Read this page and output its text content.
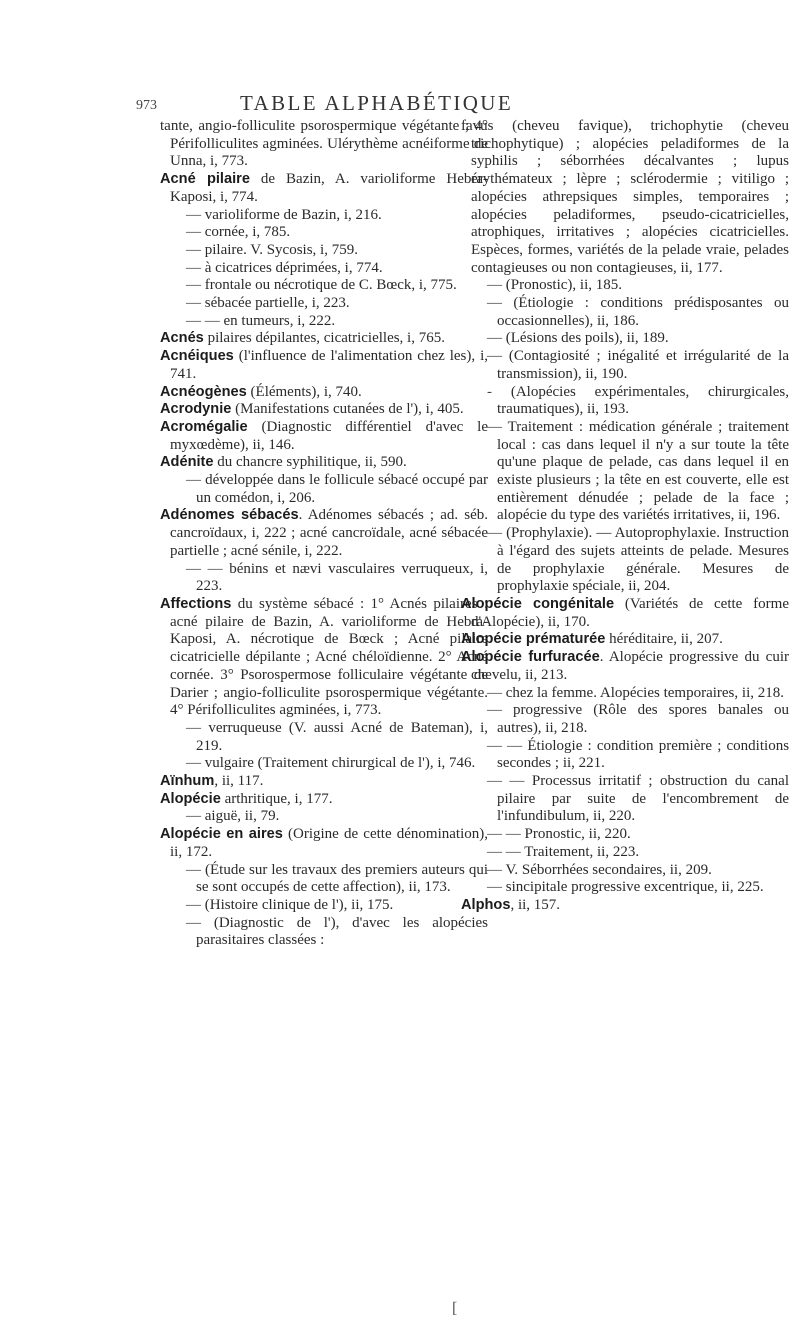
973	TABLE ALPHABÉTIQUE

tante, angio-folliculite psorospermique végétante ; 4° Périfolliculites agminées. Ulérythème acnéiforme de Unna, i, 773.

Acné pilaire de Bazin, A. varioliforme Hebra-Kaposi, i, 774.

— varioliforme de Bazin, i, 216.

— cornée, i, 785.

— pilaire. V. Sycosis, i, 759.

— à cicatrices déprimées, i, 774.

— frontale ou nécrotique de C. Bœck, i, 775.

— sébacée partielle, i, 223.

— — en tumeurs, i, 222.

Acnés pilaires dépilantes, cicatricielles, i, 765.

Acnéiques (l'influence de l'alimentation chez les), i, 741.

Acnéogènes (Éléments), i, 740.

Acrodynie (Manifestations cutanées de l'), i, 405.

Acromégalie (Diagnostic différentiel d'avec le myxœdème), ii, 146.

Adénite du chancre syphilitique, ii, 590.

— développée dans le follicule sébacé occupé par un comédon, i, 206.

Adénomes sébacés. Adénomes sébacés ; ad. séb. cancroïdaux, i, 222 ; acné cancroïdale, acné sébacée partielle ; acné sénile, i, 222.

— — bénins et nævi vasculaires verruqueux, i, 223.

Affections du système sébacé : 1° Acnés pilaires : acné pilaire de Bazin, A. varioliforme de Hebra-Kaposi, A. nécrotique de Bœck ; Acné pilaire cicatricielle dépilante ; Acné chéloïdienne. 2° Acné cornée. 3° Psorospermose folliculaire végétante de Darier ; angio-folliculite psorospermique végétante. 4° Périfolliculites agminées, i, 773.

— verruqueuse (V. aussi Acné de Bateman), i, 219.

— vulgaire (Traitement chirurgical de l'), i, 746.

Aïnhum, ii, 117.

Alopécie arthritique, i, 177.

— aiguë, ii, 79.

Alopécie en aires (Origine de cette dénomination), ii, 172.

— (Étude sur les travaux des premiers auteurs qui se sont occupés de cette affection), ii, 173.

— (Histoire clinique de l'), ii, 175.

— (Diagnostic de l'), d'avec les alopécies parasitaires classées :

favus (cheveu favique), trichophytie (cheveu trichophytique) ; alopécies peladiformes de la syphilis ; séborrhées décalvantes ; lupus érythémateux ; lèpre ; sclérodermie ; vitiligo ; alopécies athrepsiques simples, temporaires ; alopécies peladiformes, pseudo-cicatricielles, atrophiques, irritatives ; alopécies cicatricielles. Espèces, formes, variétés de la pelade vraie, pelades contagieuses ou non contagieuses, ii, 177.

— (Pronostic), ii, 185.

— (Étiologie : conditions prédisposantes ou occasionnelles), ii, 186.

— (Lésions des poils), ii, 189.

— (Contagiosité ; inégalité et irrégularité de la transmission), ii, 190.

- (Alopécies expérimentales, chirurgicales, traumatiques), ii, 193.

— Traitement : médication générale ; traitement local : cas dans lequel il n'y a sur toute la tête qu'une plaque de pelade, cas dans lequel il en existe plusieurs ; la tête en est couverte, elle est entièrement dénudée ; pelade de la face ; alopécie du type des variétés irritatives, ii, 196.

— (Prophylaxie). — Autoprophylaxie. Instruction à l'égard des sujets atteints de pelade. Mesures de prophylaxie générale. Mesures de prophylaxie spéciale, ii, 204.

Alopécie congénitale (Variétés de cette forme d'Alopécie), ii, 170.

Alopécie prématurée héréditaire, ii, 207.

Alopécie furfuracée. Alopécie progressive du cuir chevelu, ii, 213.

— chez la femme. Alopécies temporaires, ii, 218.

— progressive (Rôle des spores banales ou autres), ii, 218.

— — Étiologie : condition première ; conditions secondes ; ii, 221.

— — Processus irritatif ; obstruction du canal pilaire par suite de l'encombrement de l'infundibulum, ii, 220.

— — Pronostic, ii, 220.

— — Traitement, ii, 223.

— V. Séborrhées secondaires, ii, 209.

— sincipitale progressive excentrique, ii, 225.

Alphos, ii, 157.

[
